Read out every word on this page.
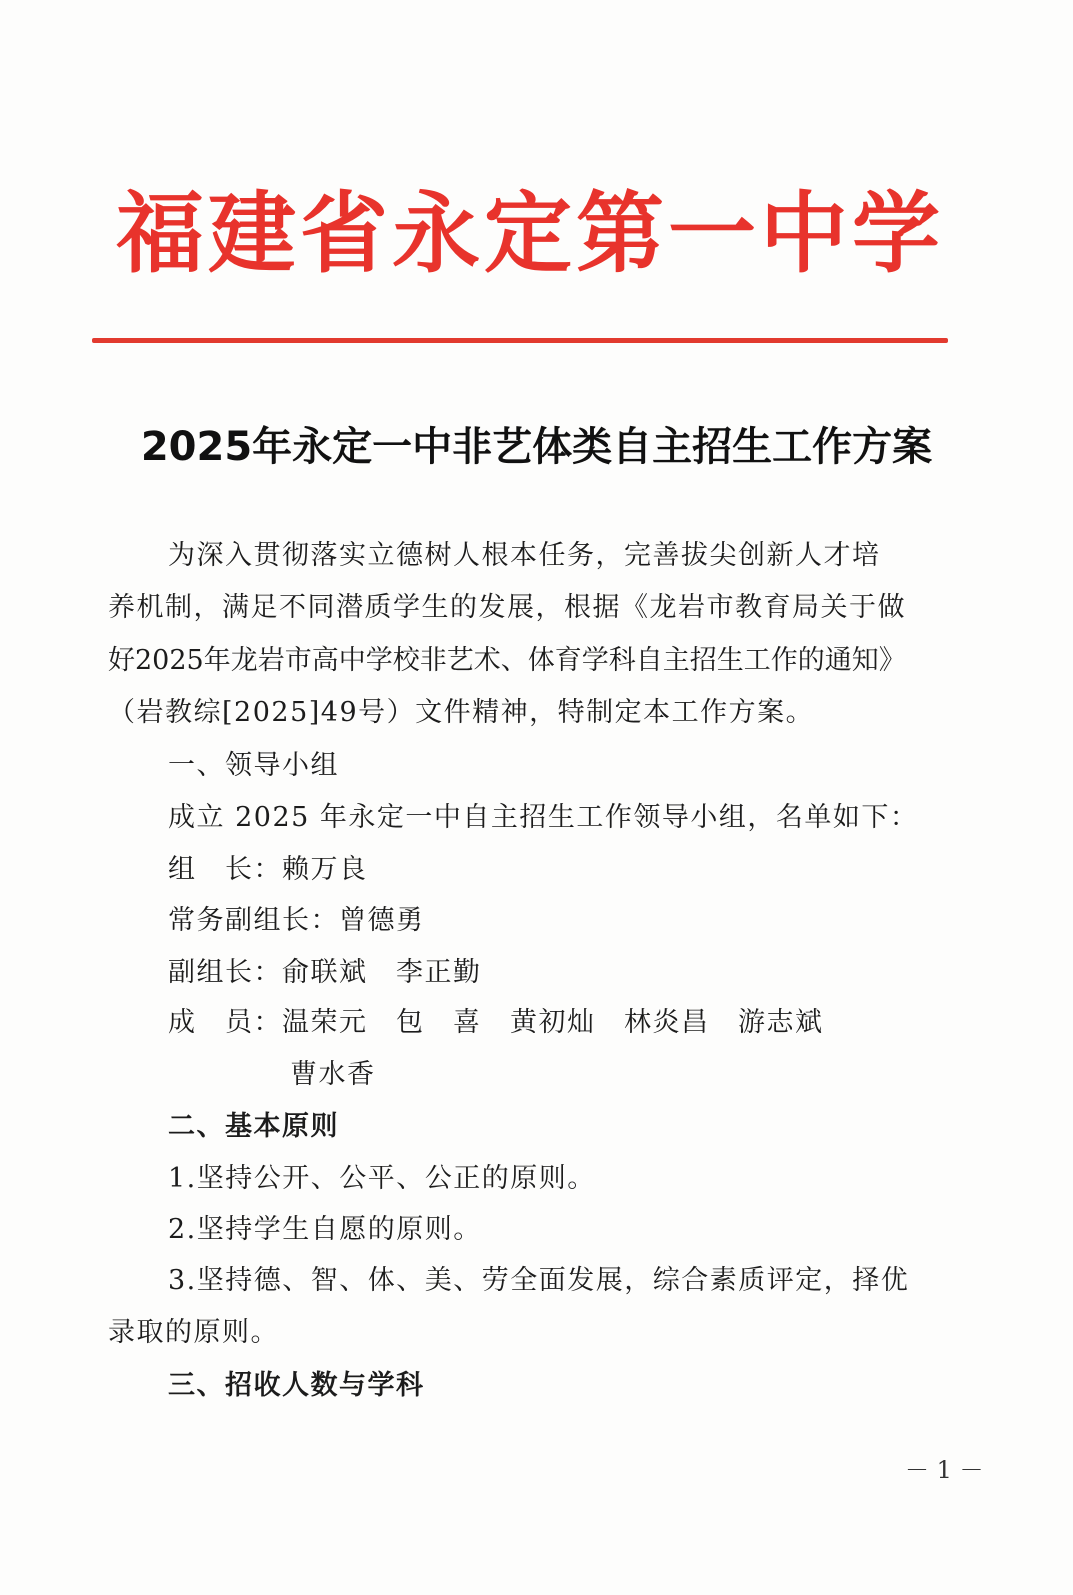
福建省永定第一中学
2025年永定一中非艺体类自主招生工作方案
为深入贯彻落实立德树人根本任务，完善拔尖创新人才培
养机制，满足不同潜质学生的发展，根据《龙岩市教育局关于做
好2025年龙岩市高中学校非艺术、体育学科自主招生工作的通知》
（岩教综[2025]49号）文件精神，特制定本工作方案。
一、领导小组
成立 2025 年永定一中自主招生工作领导小组，名单如下：
组　长：赖万良
常务副组长：曾德勇
副组长：俞联斌　李正勤
成　员：温荣元　包　喜　黄初灿　林炎昌　游志斌
曹水香
二、基本原则
1.坚持公开、公平、公正的原则。
2.坚持学生自愿的原则。
3.坚持德、智、体、美、劳全面发展，综合素质评定，择优
录取的原则。
三、招收人数与学科
－ 1 －
